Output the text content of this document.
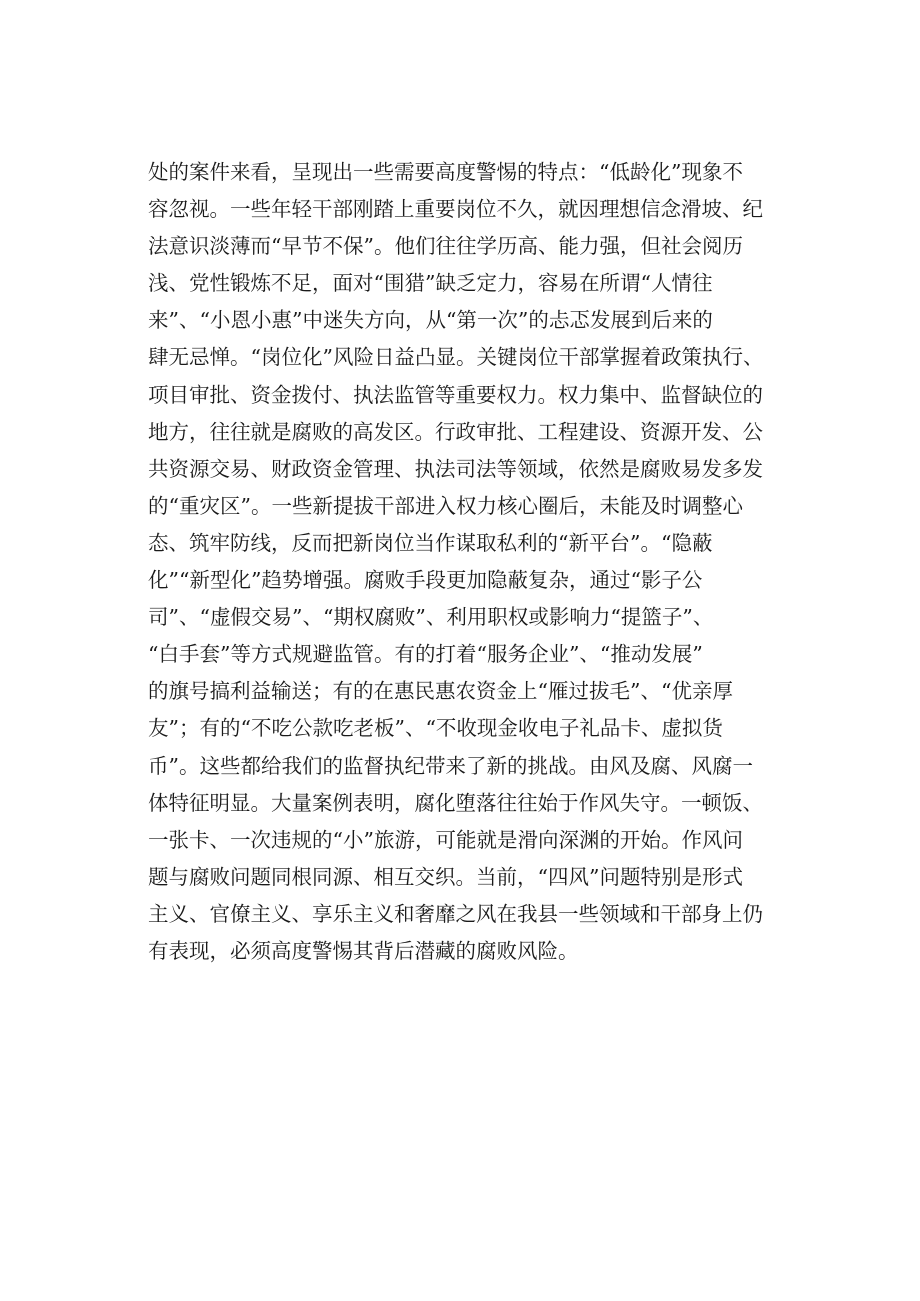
处的案件来看，呈现出一些需要高度警惕的特点：“低龄化”现象不
容忽视。一些年轻干部刚踏上重要岗位不久，就因理想信念滑坡、纪
法意识淡薄而“早节不保”。他们往往学历高、能力强，但社会阅历
浅、党性锻炼不足，面对“围猎”缺乏定力，容易在所谓“人情往
来”、“小恩小惠”中迷失方向，从“第一次”的忐忑发展到后来的
肆无忌惮。“岗位化”风险日益凸显。关键岗位干部掌握着政策执行、
项目审批、资金拨付、执法监管等重要权力。权力集中、监督缺位的
地方，往往就是腐败的高发区。行政审批、工程建设、资源开发、公
共资源交易、财政资金管理、执法司法等领域，依然是腐败易发多发
的“重灾区”。一些新提拔干部进入权力核心圈后，未能及时调整心
态、筑牢防线，反而把新岗位当作谋取私利的“新平台”。“隐蔽
化”“新型化”趋势增强。腐败手段更加隐蔽复杂，通过“影子公
司”、“虚假交易”、“期权腐败”、利用职权或影响力“提篮子”、
“白手套”等方式规避监管。有的打着“服务企业”、“推动发展”
的旗号搞利益输送；有的在惠民惠农资金上“雁过拔毛”、“优亲厚
友”；有的“不吃公款吃老板”、“不收现金收电子礼品卡、虚拟货
币”。这些都给我们的监督执纪带来了新的挑战。由风及腐、风腐一
体特征明显。大量案例表明，腐化堕落往往始于作风失守。一顿饭、
一张卡、一次违规的“小”旅游，可能就是滑向深渊的开始。作风问
题与腐败问题同根同源、相互交织。当前，“四风”问题特别是形式
主义、官僚主义、享乐主义和奢靡之风在我县一些领域和干部身上仍
有表现，必须高度警惕其背后潜藏的腐败风险。
